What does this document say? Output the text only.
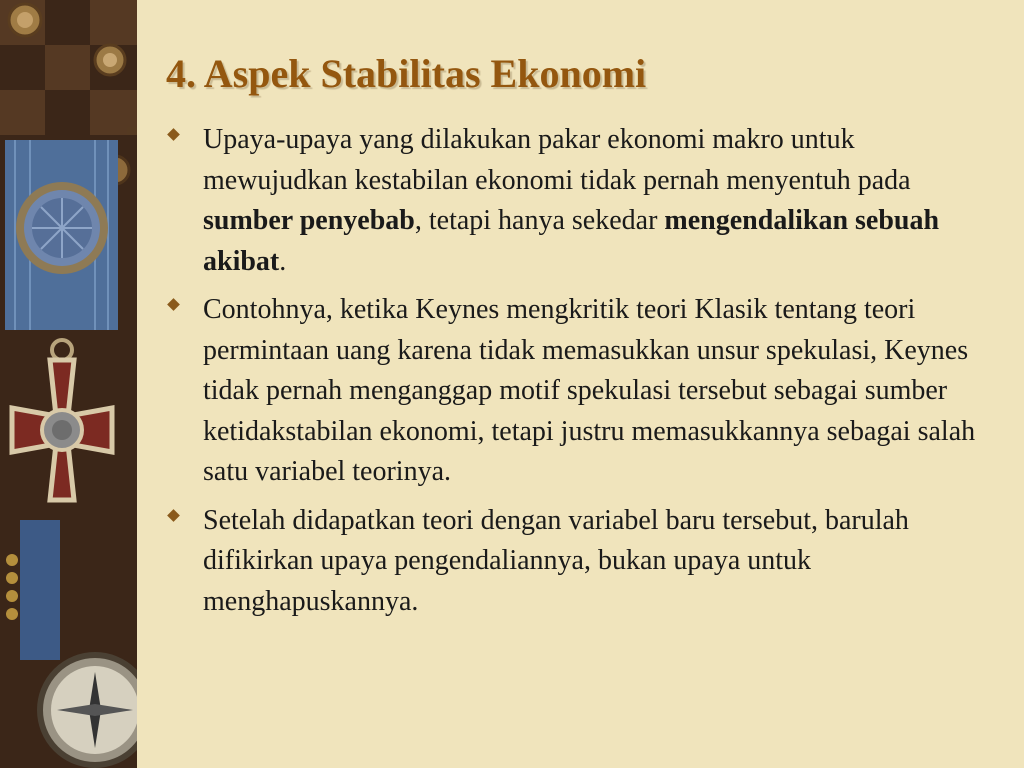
4. Aspek Stabilitas Ekonomi
Upaya-upaya yang dilakukan pakar ekonomi makro untuk mewujudkan kestabilan ekonomi tidak pernah menyentuh pada sumber penyebab, tetapi hanya sekedar mengendalikan sebuah akibat.
Contohnya, ketika Keynes mengkritik teori Klasik tentang teori permintaan uang karena tidak memasukkan unsur spekulasi, Keynes tidak pernah menganggap motif spekulasi tersebut sebagai sumber ketidakstabilan ekonomi, tetapi justru memasukkannya sebagai salah satu variabel teorinya.
Setelah didapatkan teori dengan variabel baru tersebut, barulah difikirkan upaya pengendaliannya, bukan upaya untuk menghapuskannya.
